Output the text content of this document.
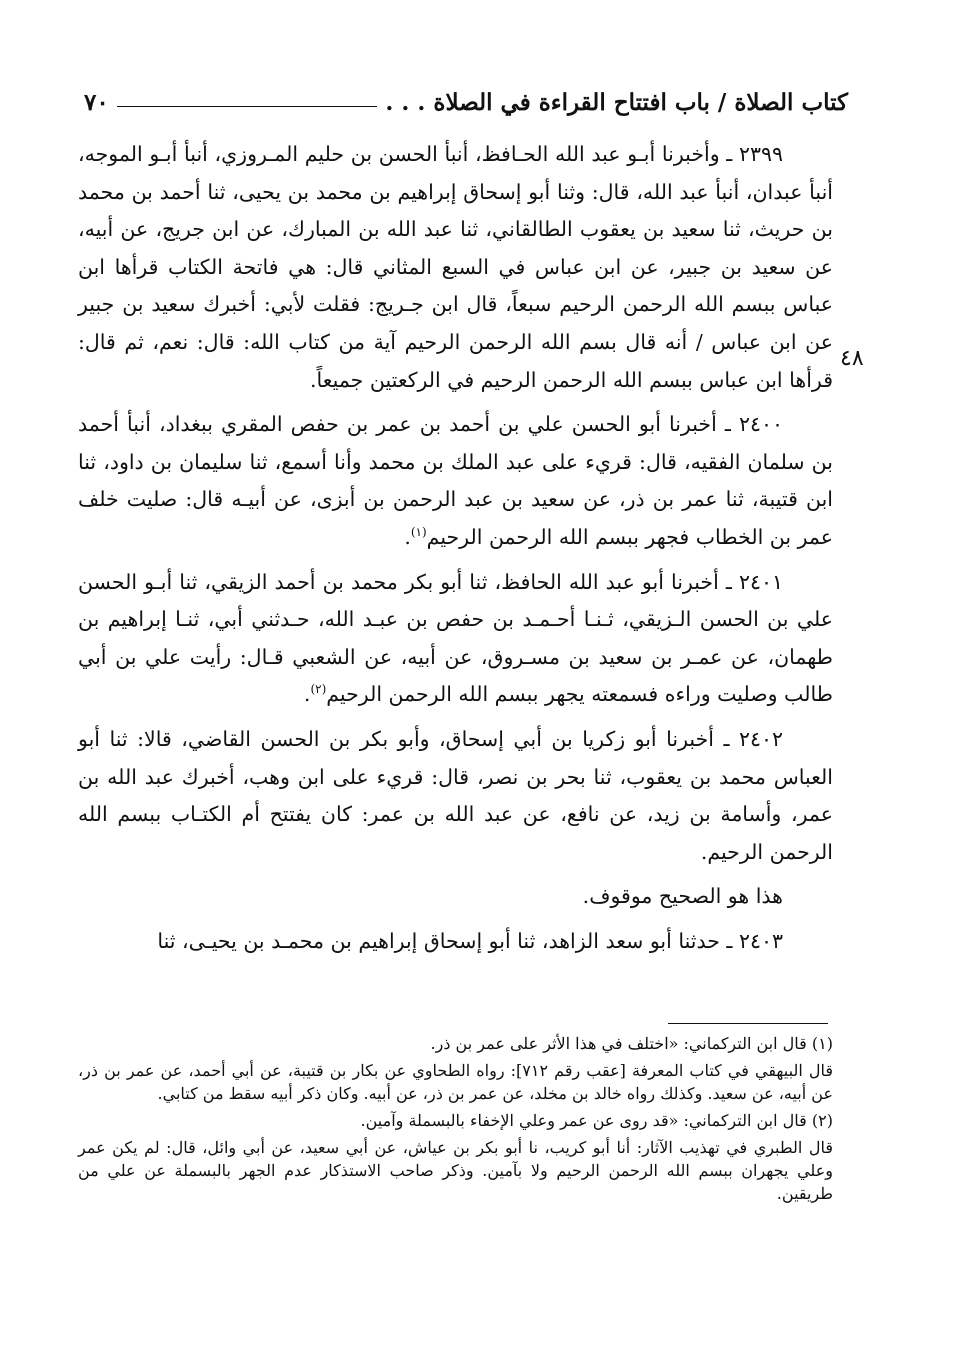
كتاب الصلاة / باب افتتاح القراءة في الصلاة . . .
٧٠
٤٨

٢٣٩٩ ـ وأخبرنا أبـو عبد الله الحـافظ، أنبأ الحسن بن حليم المـروزي، أنبأ أبـو الموجه، أنبأ عبدان، أنبأ عبد الله، قال: وثنا أبو إسحاق إبراهيم بن محمد بن يحيى، ثنا أحمد بن محمد بن حريث، ثنا سعيد بن يعقوب الطالقاني، ثنا عبد الله بن المبارك، عن ابن جريج، عن أبيه، عن سعيد بن جبير، عن ابن عباس في السبع المثاني قال: هي فاتحة الكتاب قرأها ابن عباس ببسم الله الرحمن الرحيم سبعاً، قال ابن جـريج: فقلت لأبي: أخبرك سعيد بن جبير عن ابن عباس / أنه قال بسم الله الرحمن الرحيم آية من كتاب الله: قال: نعم، ثم قال: قرأها ابن عباس ببسم الله الرحمن الرحيم في الركعتين جميعاً.

٢٤٠٠ ـ أخبرنا أبو الحسن علي بن أحمد بن عمر بن حفص المقري ببغداد، أنبأ أحمد بن سلمان الفقيه، قال: قريء على عبد الملك بن محمد وأنا أسمع، ثنا سليمان بن داود، ثنا ابن قتيبة، ثنا عمر بن ذر، عن سعيد بن عبد الرحمن بن أبزى، عن أبيـه قال: صليت خلف عمر بن الخطاب فجهر ببسم الله الرحمن الرحيم$^{(١)}$.

٢٤٠١ ـ أخبرنا أبو عبد الله الحافظ، ثنا أبو بكر محمد بن أحمد الزيقي، ثنا أبـو الحسن علي بن الحسن الـزيقي، ثـنـا أحـمـد بن حفص بن عبـد الله، حـدثني أبي، ثنـا إبراهيم بن طهمان، عن عمـر بن سعيد بن مسـروق، عن أبيه، عن الشعبي قـال: رأيت علي بن أبي طالب وصليت وراءه فسمعته يجهر ببسم الله الرحمن الرحيم$^{(٢)}$.

٢٤٠٢ ـ أخبرنا أبو زكريا بن أبي إسحاق، وأبو بكر بن الحسن القاضي، قالا: ثنا أبو العباس محمد بن يعقوب، ثنا بحر بن نصر، قال: قريء على ابن وهب، أخبرك عبد الله بن عمر، وأسامة بن زيد، عن نافع، عن عبد الله بن عمر: كان يفتتح أم الكتـاب ببسم الله الرحمن الرحيم.

هذا هو الصحيح موقوف.

٢٤٠٣ ـ حدثنا أبو سعد الزاهد، ثنا أبو إسحاق إبراهيم بن محمـد بن يحيـى، ثنا

(١) قال ابن التركماني: «اختلف في هذا الأثر على عمر بن ذر.

قال البيهقي في كتاب المعرفة [عقب رقم ٧١٢]: رواه الطحاوي عن بكار بن قتيبة، عن أبي أحمد، عن عمر بن ذر، عن أبيه، عن سعيد. وكذلك رواه خالد بن مخلد، عن عمر بن ذر، عن أبيه. وكان ذكر أبيه سقط من كتابي.

(٢) قال ابن التركماني: «قد روى عن عمر وعلي الإخفاء بالبسملة وآمين.

قال الطبري في تهذيب الآثار: أنا أبو كريب، نا أبو بكر بن عياش، عن أبي سعيد، عن أبي وائل، قال: لم يكن عمر وعلي يجهران ببسم الله الرحمن الرحيم ولا بآمين. وذكر صاحب الاستذكار عدم الجهر بالبسملة عن علي من طريقين.
